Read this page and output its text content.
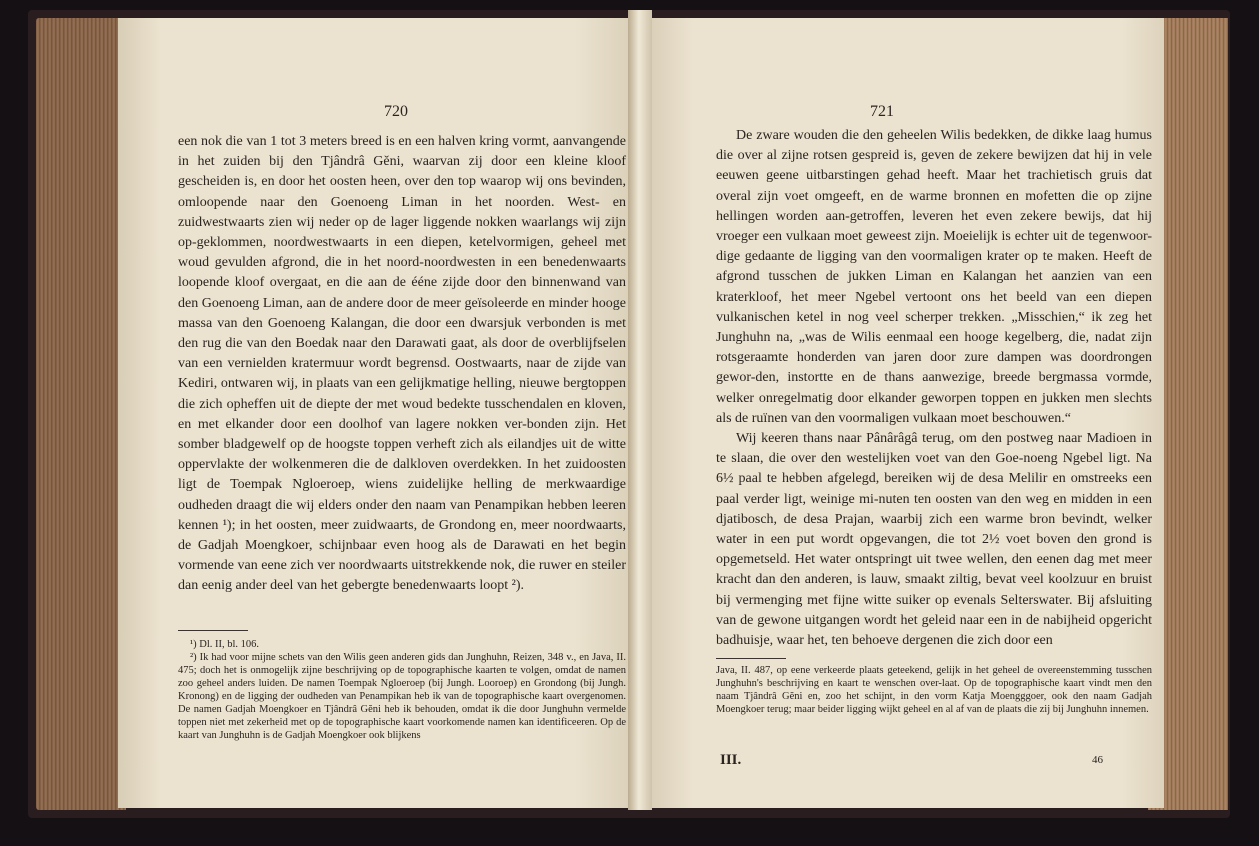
720

een nok die van 1 tot 3 meters breed is en een halven kring vormt, aanvangende in het zuiden bij den Tjândrâ Gĕni, waarvan zij door een kleine kloof gescheiden is, en door het oosten heen, over den top waarop wij ons bevinden, omloopende naar den Goenoeng Liman in het noorden. West- en zuidwestwaarts zien wij neder op de lager liggende nokken waarlangs wij zijn op-geklommen, noordwestwaarts in een diepen, ketelvormigen, geheel met woud gevulden afgrond, die in het noord-noordwesten in een benedenwaarts loopende kloof overgaat, en die aan de ééne zijde door den binnenwand van den Goenoeng Liman, aan de andere door de meer geïsoleerde en minder hooge massa van den Goenoeng Kalangan, die door een dwarsjuk verbonden is met den rug die van den Boedak naar den Darawati gaat, als door de overblijfselen van een vernielden kratermuur wordt begrensd. Oostwaarts, naar de zijde van Kediri, ontwaren wij, in plaats van een gelijkmatige helling, nieuwe bergtoppen die zich opheffen uit de diepte der met woud bedekte tusschendalen en kloven, en met elkander door een doolhof van lagere nokken ver-bonden zijn. Het somber bladgewelf op de hoogste toppen verheft zich als eilandjes uit de witte oppervlakte der wolkenmeren die de dalkloven overdekken. In het zuidoosten ligt de Toempak Ngloeroep, wiens zuidelijke helling de merkwaardige oudheden draagt die wij elders onder den naam van Penampikan hebben leeren kennen ¹); in het oosten, meer zuidwaarts, de Grondong en, meer noordwaarts, de Gadjah Moengkoer, schijnbaar even hoog als de Darawati en het begin vormende van eene zich ver noordwaarts uitstrekkende nok, die ruwer en steiler dan eenig ander deel van het gebergte benedenwaarts loopt ²).

¹) Dl. II, bl. 106.

²) Ik had voor mijne schets van den Wilis geen anderen gids dan Junghuhn, Reizen, 348 v., en Java, II. 475; doch het is onmogelijk zijne beschrijving op de topographische kaarten te volgen, omdat de namen zoo geheel anders luiden. De namen Toempak Ngloeroep (bij Jungh. Looroep) en Grondong (bij Jungh. Kronong) en de ligging der oudheden van Penampikan heb ik van de topographische kaart overgenomen. De namen Gadjah Moengkoer en Tjândrâ Gĕni heb ik behouden, omdat ik die door Junghuhn vermelde toppen niet met zekerheid met op de topographische kaart voorkomende namen kan identificeeren. Op de kaart van Junghuhn is de Gadjah Moengkoer ook blijkens

721

De zware wouden die den geheelen Wilis bedekken, de dikke laag humus die over al zijne rotsen gespreid is, geven de zekere bewijzen dat hij in vele eeuwen geene uitbarstingen gehad heeft. Maar het trachietisch gruis dat overal zijn voet omgeeft, en de warme bronnen en mofetten die op zijne hellingen worden aan-getroffen, leveren het even zekere bewijs, dat hij vroeger een vulkaan moet geweest zijn. Moeielijk is echter uit de tegenwoor-dige gedaante de ligging van den voormaligen krater op te maken. Heeft de afgrond tusschen de jukken Liman en Kalangan het aanzien van een kraterkloof, het meer Ngebel vertoont ons het beeld van een diepen vulkanischen ketel in nog veel scherper trekken. „Misschien,“ ik zeg het Junghuhn na, „was de Wilis eenmaal een hooge kegelberg, die, nadat zijn rotsgeraamte honderden van jaren door zure dampen was doordrongen gewor-den, instortte en de thans aanwezige, breede bergmassa vormde, welker onregelmatig door elkander geworpen toppen en jukken men slechts als de ruïnen van den voormaligen vulkaan moet beschouwen.“

Wij keeren thans naar Pânârâgâ terug, om den postweg naar Madioen in te slaan, die over den westelijken voet van den Goe-noeng Ngebel ligt. Na 6½ paal te hebben afgelegd, bereiken wij de desa Melilir en omstreeks een paal verder ligt, weinige mi-nuten ten oosten van den weg en midden in een djatibosch, de desa Prajan, waarbij zich een warme bron bevindt, welker water in een put wordt opgevangen, die tot 2½ voet boven den grond is opgemetseld. Het water ontspringt uit twee wellen, den eenen dag met meer kracht dan den anderen, is lauw, smaakt ziltig, bevat veel koolzuur en bruist bij vermenging met fijne witte suiker op evenals Selterswater. Bij afsluiting van de gewone uitgangen wordt het geleid naar een in de nabijheid opgericht badhuisje, waar het, ten behoeve dergenen die zich door een

Java, II. 487, op eene verkeerde plaats geteekend, gelijk in het geheel de overeenstemming tusschen Junghuhn's beschrijving en kaart te wenschen over-laat. Op de topographische kaart vindt men den naam Tjândrâ Gĕni en, zoo het schijnt, in den vorm Katja Moengggoer, ook den naam Gadjah Moengkoer terug; maar beider ligging wijkt geheel en al af van de plaats die zij bij Junghuhn innemen.

III.	46
